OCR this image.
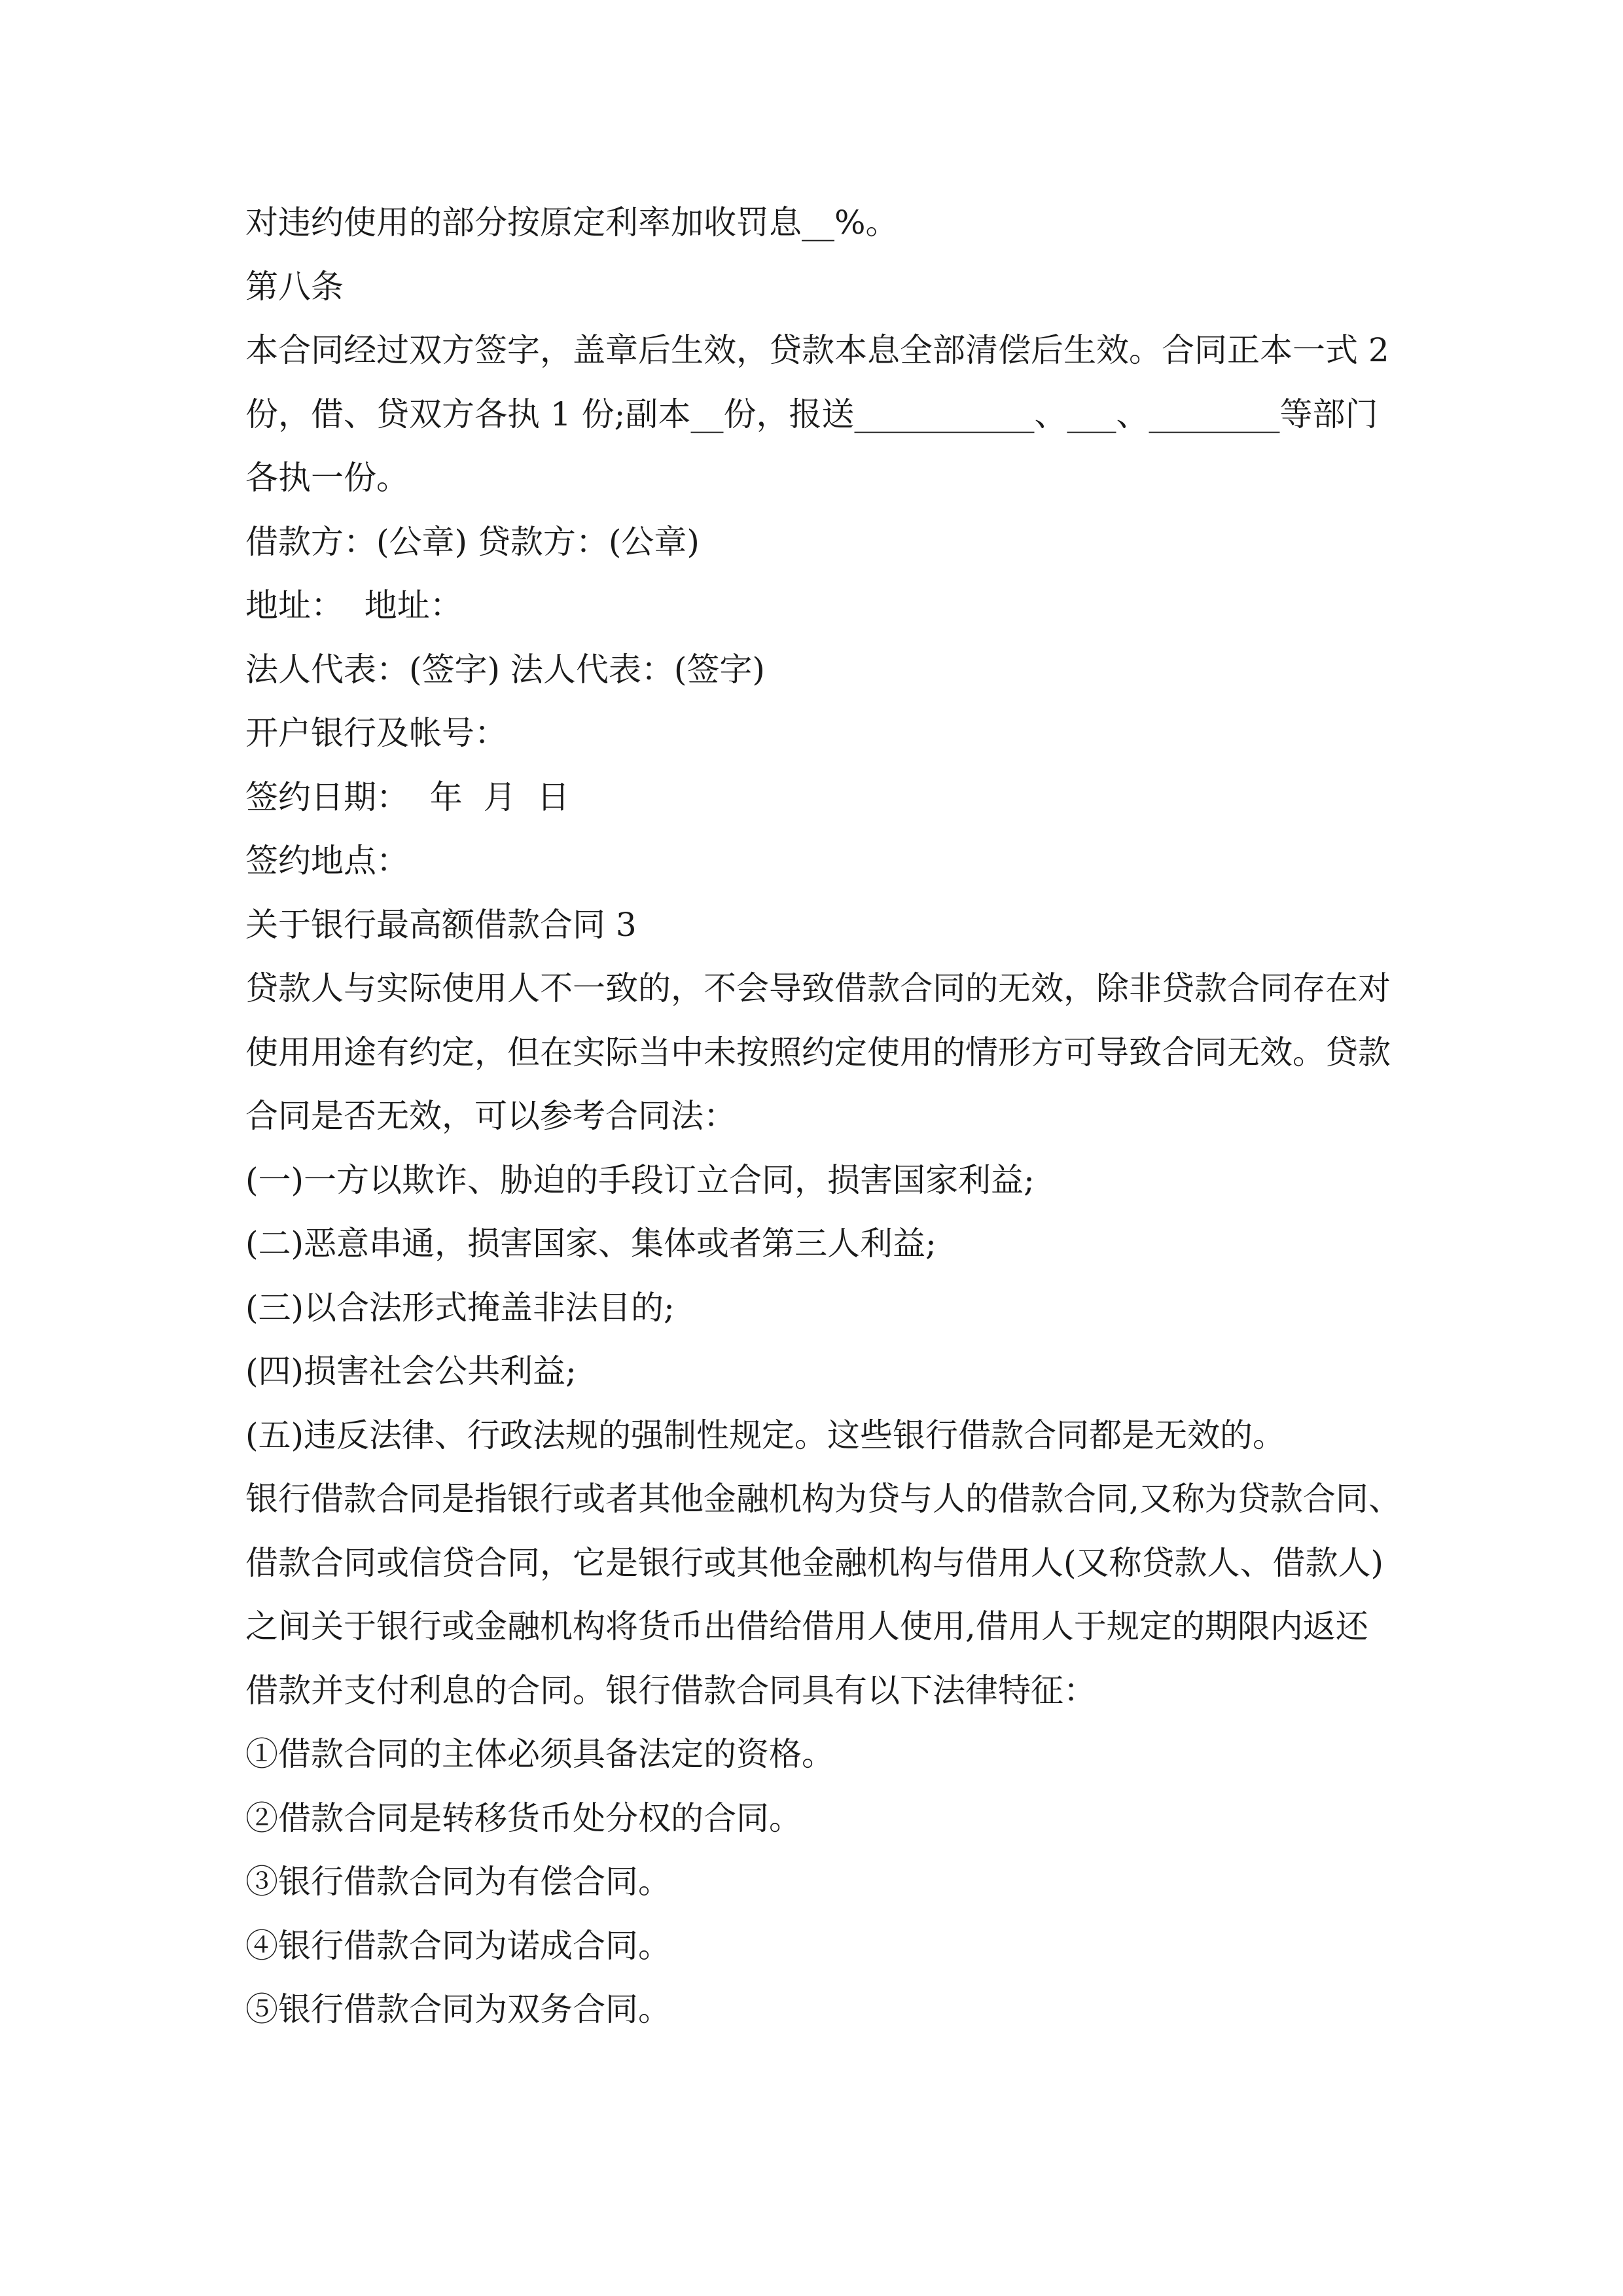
对违约使用的部分按原定利率加收罚息__%。
第八条
本合同经过双方签字，盖章后生效，贷款本息全部清偿后生效。合同正本一式 2
份，借、贷双方各执 1 份;副本__份，报送___________、___、________等部门
各执一份。
借款方：(公章) 贷款方：(公章)
地址：  地址：
法人代表：(签字) 法人代表：(签字)
开户银行及帐号：
签约日期：  年  月  日
签约地点：
关于银行最高额借款合同 3
贷款人与实际使用人不一致的，不会导致借款合同的无效，除非贷款合同存在对
使用用途有约定，但在实际当中未按照约定使用的情形方可导致合同无效。贷款
合同是否无效，可以参考合同法：
(一)一方以欺诈、胁迫的手段订立合同，损害国家利益;
(二)恶意串通，损害国家、集体或者第三人利益;
(三)以合法形式掩盖非法目的;
(四)损害社会公共利益;
(五)违反法律、行政法规的强制性规定。这些银行借款合同都是无效的。
银行借款合同是指银行或者其他金融机构为贷与人的借款合同,又称为贷款合同、
借款合同或信贷合同，它是银行或其他金融机构与借用人(又称贷款人、借款人)
之间关于银行或金融机构将货币出借给借用人使用,借用人于规定的期限内返还
借款并支付利息的合同。银行借款合同具有以下法律特征：
①借款合同的主体必须具备法定的资格。
②借款合同是转移货币处分权的合同。
③银行借款合同为有偿合同。
④银行借款合同为诺成合同。
⑤银行借款合同为双务合同。
